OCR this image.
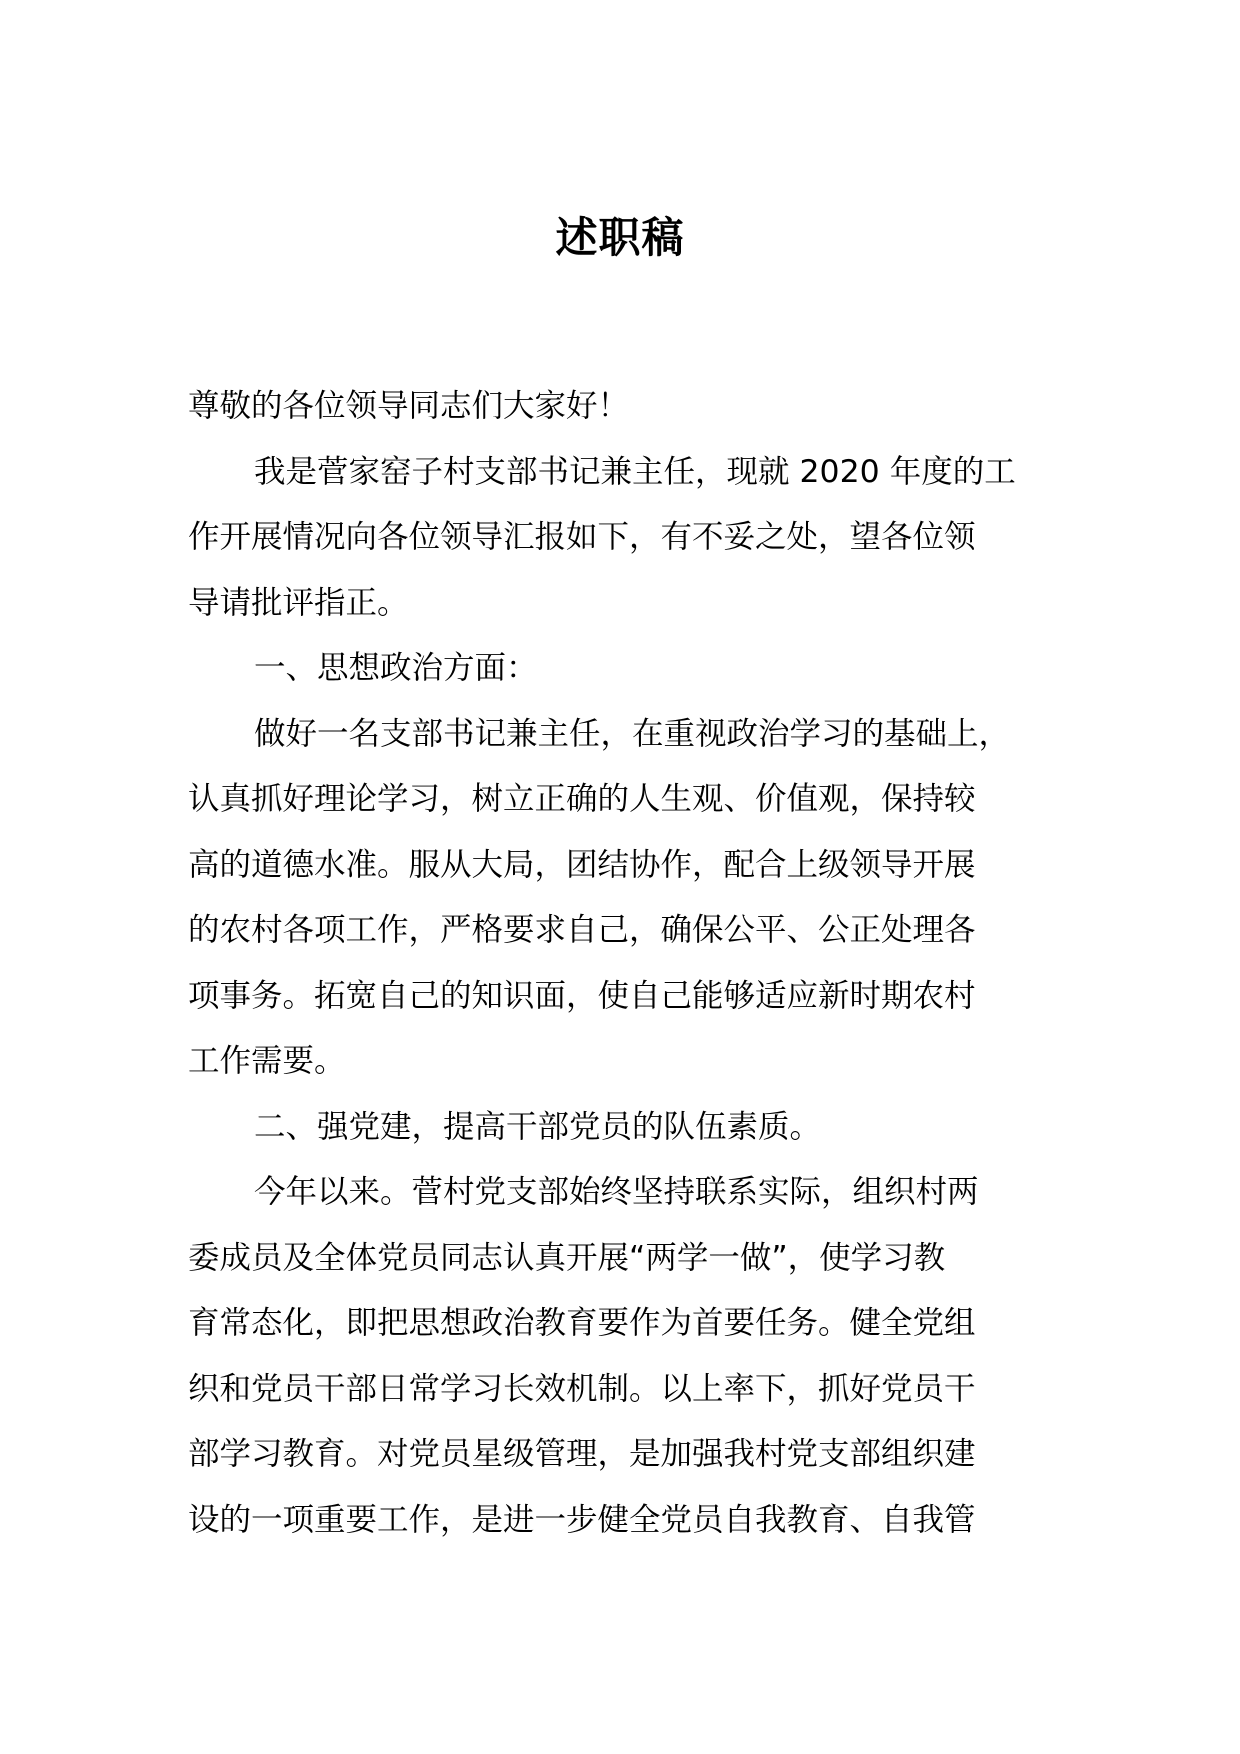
述职稿
尊敬的各位领导同志们大家好！
我是菅家窑子村支部书记兼主任，现就 2020 年度的工
作开展情况向各位领导汇报如下，有不妥之处，望各位领
导请批评指正。
一、思想政治方面：
做好一名支部书记兼主任，在重视政治学习的基础上，
认真抓好理论学习，树立正确的人生观、价值观，保持较
高的道德水准。服从大局，团结协作，配合上级领导开展
的农村各项工作，严格要求自己，确保公平、公正处理各
项事务。拓宽自己的知识面，使自己能够适应新时期农村
工作需要。
二、强党建，提高干部党员的队伍素质。
今年以来。菅村党支部始终坚持联系实际，组织村两
委成员及全体党员同志认真开展“两学一做”，使学习教
育常态化，即把思想政治教育要作为首要任务。健全党组
织和党员干部日常学习长效机制。以上率下，抓好党员干
部学习教育。对党员星级管理，是加强我村党支部组织建
设的一项重要工作，是进一步健全党员自我教育、自我管
